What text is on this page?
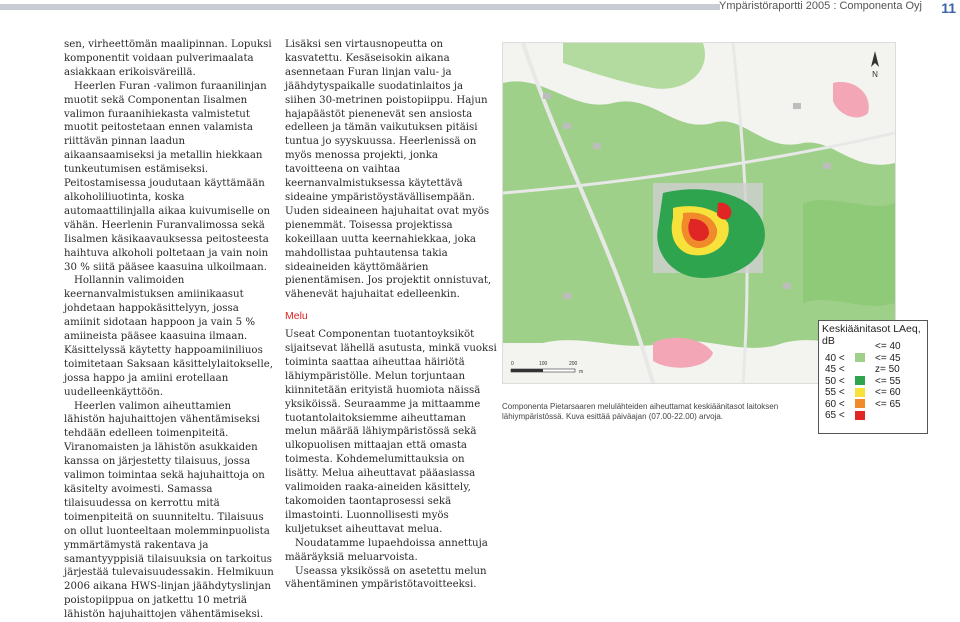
Ympäristöraportti 2005 : Componenta Oyj 11

sen, virheettömän maalipinnan. Lopuksi komponentit voidaan pulverimaalata asiakkaan erikoisväreillä.

Heerlen Furan -valimon furaanilinjan muotit sekä Componentan Iisalmen valimon furaanihiekasta valmistetut muotit peitostetaan ennen valamista riittävän pinnan laadun aikaansaamiseksi ja metallin hiekkaan tunkeutumisen estämiseksi. Peitostamisessa joudutaan käyttämään alkoholiliuotinta, koska automaattilinjalla aikaa kuivumiselle on vähän. Heerlenin Furanvalimossa sekä Iisalmen käsikaavauksessa peitosteesta haihtuva alkoholi poltetaan ja vain noin 30 % siitä pääsee kaasuina ulkoilmaan.

Hollannin valimoiden keernanvalmistuksen amiinikaasut johdetaan happokäsittelyyn, jossa amiinit sidotaan happoon ja vain 5 % amiineista pääsee kaasuina ilmaan. Käsittelyssä käytetty happoamiiniliuos toimitetaan Saksaan käsittelylaitokselle, jossa happo ja amiini erotellaan uudelleenkäyttöön.

Heerlen valimon aiheuttamien lähistön hajuhaittojen vähentämiseksi tehdään edelleen toimenpiteitä. Viranomaisten ja lähistön asukkaiden kanssa on järjestetty tilaisuus, jossa valimon toimintaa sekä hajuhaittoja on käsitelty avoimesti. Samassa tilaisuudessa on kerrottu mitä toimenpiteitä on suunniteltu. Tilaisuus on ollut luonteeltaan molemminpuolista ymmärtämystä rakentava ja samantyyppisiä tilaisuuksia on tarkoitus järjestää tulevaisuudessakin. Helmikuun 2006 aikana HWS-linjan jäähdytyslinjan poistopiippua on jatkettu 10 metriä lähistön hajuhaittojen vähentämiseksi.

Lisäksi sen virtausnopeutta on kasvatettu. Kesäseisokin aikana asennetaan Furan linjan valu- ja jäähdytyspaikalle suodatinlaitos ja siihen 30-metrinen poistopiippu. Hajun hajapäästöt pienenevät sen ansiosta edelleen ja tämän vaikutuksen pitäisi tuntua jo syyskuussa. Heerlenissä on myös menossa projekti, jonka tavoitteena on vaihtaa keernanvalmistuksessa käytettävä sideaine ympäristöystävällisempään. Uuden sideaineen hajuhaitat ovat myös pienemmät. Toisessa projektissa kokeillaan uutta keernahiekkaa, joka mahdollistaa puhtautensa takia sideaineiden käyttömäärien pienentämisen. Jos projektit onnistuvat, vähenevät hajuhaitat edelleenkin.

Melu

Useat Componentan tuotantoyksiköt sijaitsevat lähellä asutusta, minkä vuoksi toiminta saattaa aiheuttaa häiriötä lähiympäristölle. Melun torjuntaan kiinnitetään erityistä huomiota näissä yksiköissä. Seuraamme ja mittaamme tuotantolaitoksiemme aiheuttaman melun määrää lähiympäristössä sekä ulkopuolisen mittaajan että omasta toimesta. Kohdemelumittauksia on lisätty. Melua aiheuttavat pääasiassa valimoiden raaka-aineiden käsittely, takomoiden taontaprosessi sekä ilmastointi. Luonnollisesti myös kuljetukset aiheuttavat melua.

Noudatamme lupaehdoissa annettuja määräyksiä meluarvoista.

Useassa yksikössä on asetettu melun vähentäminen ympäristötavoitteeksi.

N
0	100	200
m
Componenta Pietarsaaren melulähteiden aiheuttamat keskiäänitasot laitoksen lähiympäristössä. Kuva esittää päiväajan (07.00-22.00) arvoja.
Keskiäänitasot LAeq, dB	<= 40
40 <	<= 45
45 <	z= 50
50 <	<= 55
55 <	<= 60
60 <	<= 65
65 <
